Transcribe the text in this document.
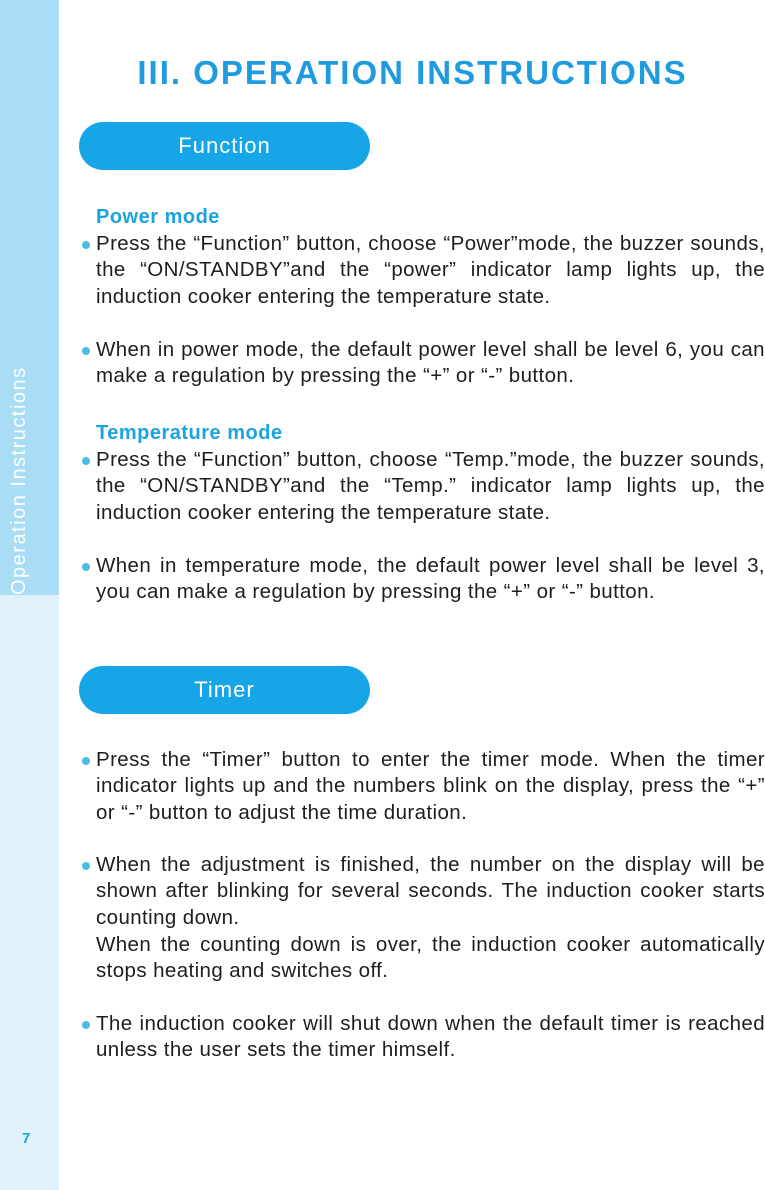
Operation Instructions
7
III. OPERATION INSTRUCTIONS
Function
Power mode
Press the “Function” button, choose “Power”mode, the buzzer sounds, the “ON/STANDBY”and the “power” indicator lamp lights up, the induction cooker entering the temperature state.
When in power mode, the default power level shall be level 6, you can make a regulation by pressing the “+” or “-” button.
Temperature mode
Press the “Function” button, choose “Temp.”mode, the buzzer sounds, the “ON/STANDBY”and the “Temp.” indicator lamp lights up, the induction cooker entering the temperature state.
When in temperature mode, the default power level shall be level 3, you can make a regulation by pressing the “+” or “-” button.
Timer
Press the “Timer” button to enter the timer mode. When the timer indicator lights up and the numbers blink on the display, press the “+” or “-” button to adjust the time duration.
When the adjustment is finished, the number on the display will be shown after blinking for several seconds. The induction cooker starts counting down.
When the counting down is over, the induction cooker automatically stops heating and switches off.
The induction cooker will shut down when the default timer is reached unless the user sets the timer himself.
